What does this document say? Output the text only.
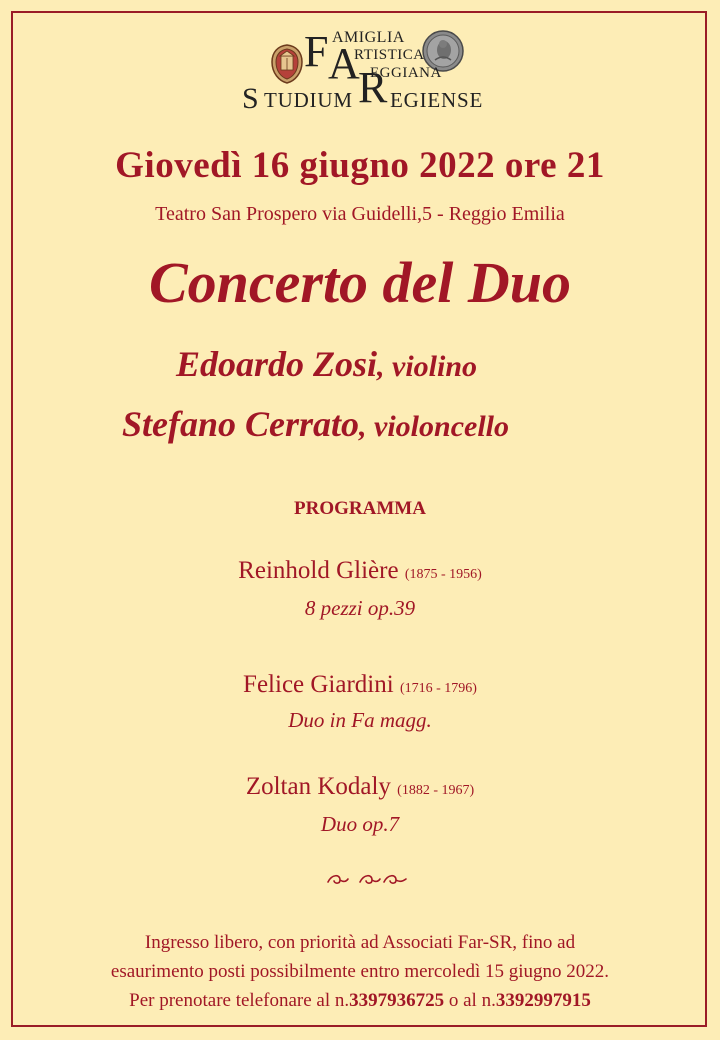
F AMIGLIA
A
RTISTICA
R
EGGIANA
S TUDIUM EGIENSE
Giovedì 16 giugno 2022 ore 21
Teatro San Prospero via Guidelli,5 - Reggio Emilia
Concerto del Duo
Edoardo Zosi, violino
Stefano Cerrato, violoncello
PROGRAMMA
Reinhold Glière (1875 - 1956)
8 pezzi op.39
Felice Giardini (1716 - 1796)
Duo in Fa magg.
Zoltan Kodaly (1882 - 1967)
Duo op.7
Ingresso libero, con priorità ad Associati Far-SR, fino ad
esaurimento posti possibilmente entro mercoledì 15 giugno 2022.
Per prenotare telefonare al n.3397936725 o al n.3392997915
